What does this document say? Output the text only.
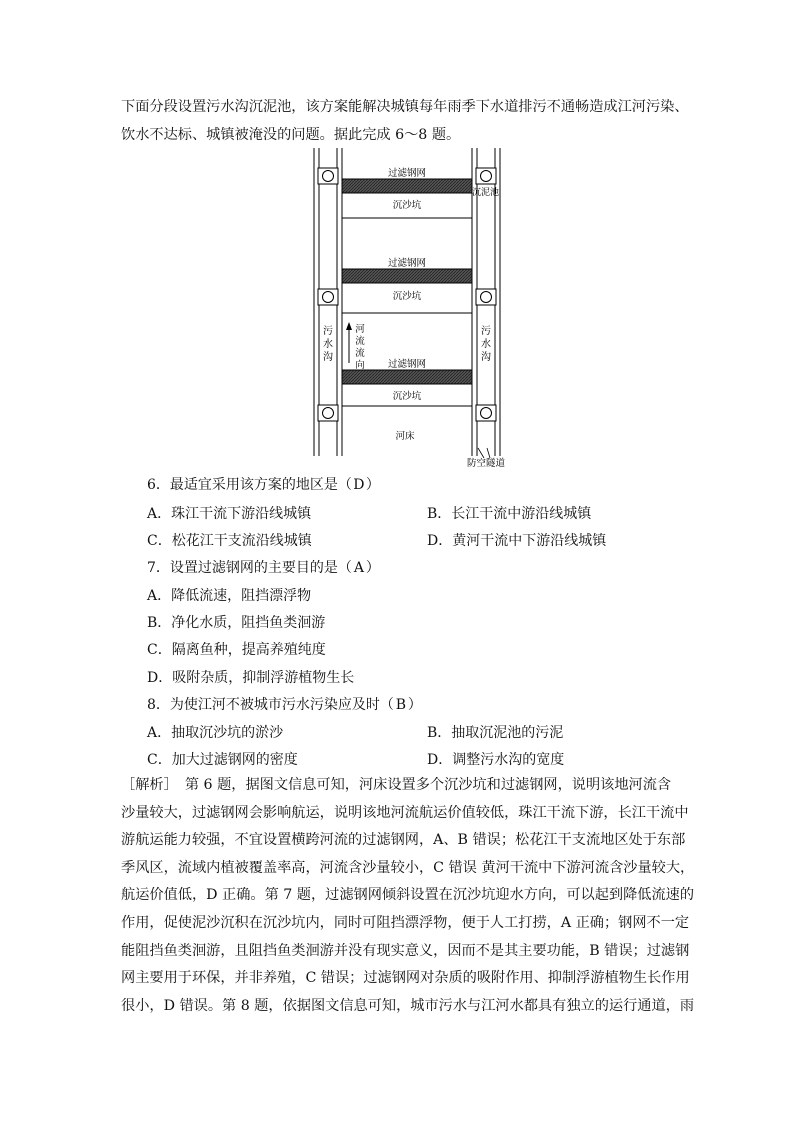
下面分段设置污水沟沉泥池，该方案能解决城镇每年雨季下水道排污不通畅造成江河污染、

饮水不达标、城镇被淹没的问题。据此完成 6～8 题。

过滤钢网
过滤钢网
过滤钢网
沉沙坑
沉沙坑
沉沙坑
沉泥池
污
水
沟
污
水
沟
河
流
流
向
河床
防空隧道
6．最适宜采用该方案的地区是（D）
A．珠江干流下游沿线城镇	B．长江干流中游沿线城镇
C．松花江干支流沿线城镇	D．黄河干流中下游沿线城镇
7．设置过滤钢网的主要目的是（ A ）
A．降低流速，阻挡漂浮物
B．净化水质，阻挡鱼类洄游
C．隔离鱼种，提高养殖纯度
D．吸附杂质，抑制浮游植物生长
8．为使江河不被城市污水污染应及时（ B ）
A．抽取沉沙坑的淤沙	B．抽取沉泥池的污泥
C．加大过滤钢网的密度	D．调整污水沟的宽度

［解析］　第 6 题，据图文信息可知，河床设置多个沉沙坑和过滤钢网，说明该地河流含

沙量较大，过滤钢网会影响航运，说明该地河流航运价值较低，珠江干流下游，长江干流中

游航运能力较强，不宜设置横跨河流的过滤钢网，A、B 错误；松花江干支流地区处于东部

季风区，流域内植被覆盖率高，河流含沙量较小，C 错误 黄河干流中下游河流含沙量较大，

航运价值低，D 正确。第 7 题，过滤钢网倾斜设置在沉沙坑迎水方向，可以起到降低流速的

作用，促使泥沙沉积在沉沙坑内，同时可阻挡漂浮物，便于人工打捞，A 正确；钢网不一定

能阻挡鱼类洄游，且阻挡鱼类洄游并没有现实意义，因而不是其主要功能，B 错误；过滤钢

网主要用于环保，并非养殖，C 错误；过滤钢网对杂质的吸附作用、抑制浮游植物生长作用

很小，D 错误。第 8 题，依据图文信息可知，城市污水与江河水都具有独立的运行通道，雨
